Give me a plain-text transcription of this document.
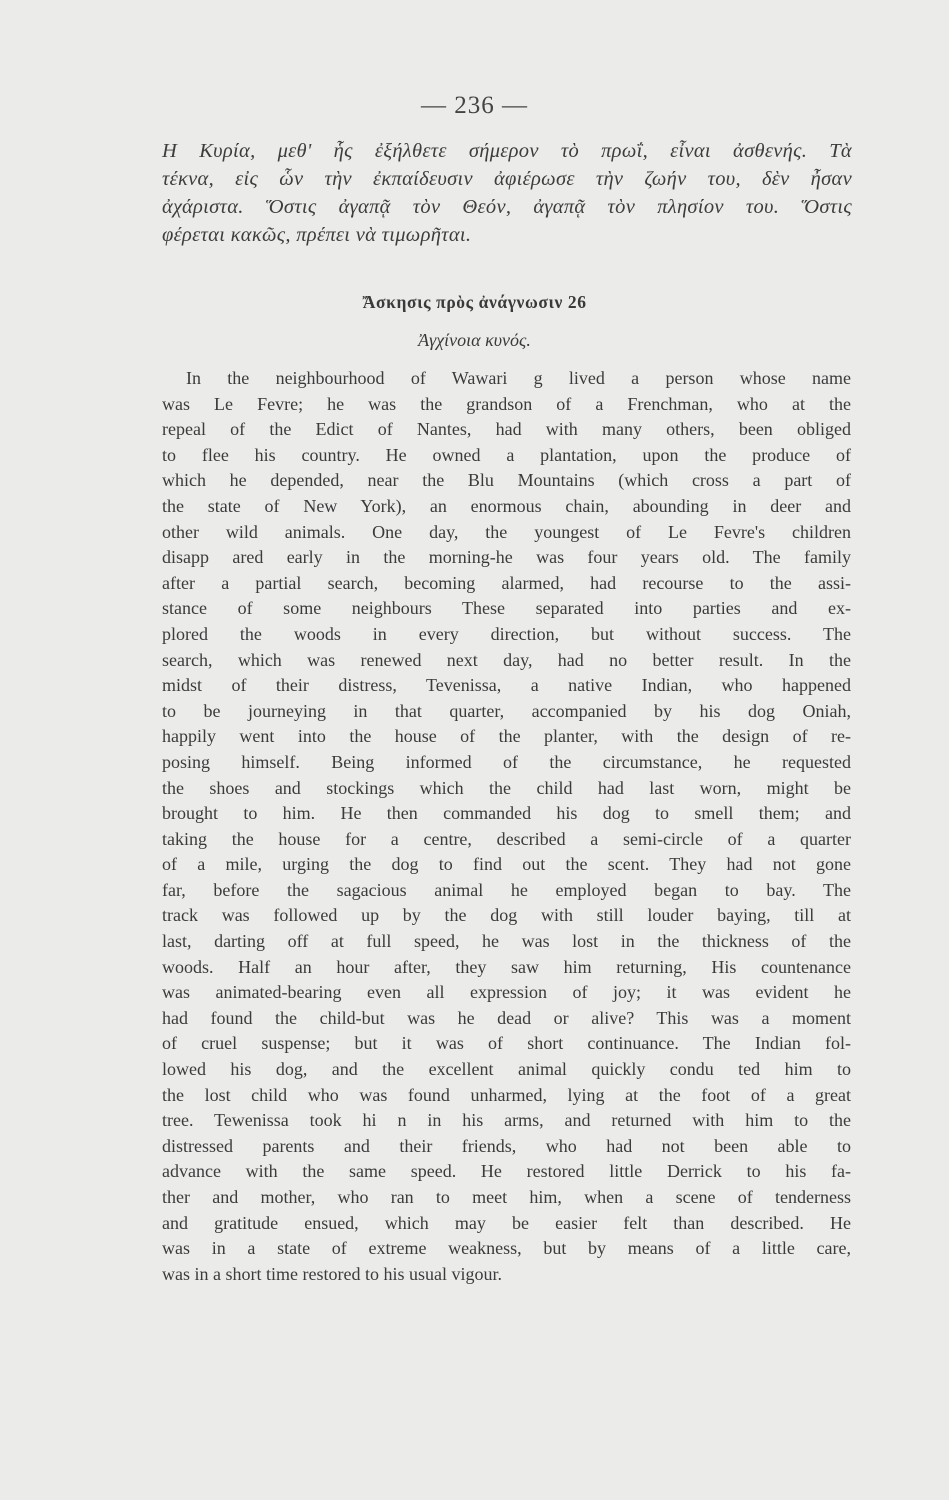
— 236 —
Η Κυρία, μεθ' ἧς ἐξήλθετε σήμερον τὸ πρωΐ, εἶναι ἀσθενής. Τὰ
τέκνα, εἰς ὧν τὴν ἐκπαίδευσιν ἀφιέρωσε τὴν ζωήν του, δὲν ἦσαν
ἀχάριστα. Ὅστις ἀγαπᾷ τὸν Θεόν, ἀγαπᾷ τὸν πλησίον του. Ὅστις
φέρεται κακῶς, πρέπει νὰ τιμωρῆται.
Ἄσκησις πρὸς ἀνάγνωσιν 26
Ἀγχίνοια κυνός.
In the neighbourhood of Wawari g lived a person whose name
was Le Fevre; he was the grandson of a Frenchman, who at the
repeal of the Edict of Nantes, had with many others, been obliged
to flee his country. He owned a plantation, upon the produce of
which he depended, near the Blu Mountains (which cross a part of
the state of New York), an enormous chain, abounding in deer and
other wild animals. One day, the youngest of Le Fevre's children
disapp ared early in the morning-he was four years old. The family
after a partial search, becoming alarmed, had recourse to the assi-
stance of some neighbours These separated into parties and ex-
plored the woods in every direction, but without success. The
search, which was renewed next day, had no better result. In the
midst of their distress, Tevenissa, a native Indian, who happened
to be journeying in that quarter, accompanied by his dog Oniah,
happily went into the house of the planter, with the design of re-
posing himself. Being informed of the circumstance, he requested
the shoes and stockings which the child had last worn, might be
brought to him. He then commanded his dog to smell them; and
taking the house for a centre, described a semi-circle of a quarter
of a mile, urging the dog to find out the scent. They had not gone
far, before the sagacious animal he employed began to bay. The
track was followed up by the dog with still louder baying, till at
last, darting off at full speed, he was lost in the thickness of the
woods. Half an hour after, they saw him returning, His countenance
was animated-bearing even all expression of joy; it was evident he
had found the child-but was he dead or alive? This was a moment
of cruel suspense; but it was of short continuance. The Indian fol-
lowed his dog, and the excellent animal quickly condu ted him to
the lost child who was found unharmed, lying at the foot of a great
tree. Tewenissa took hi n in his arms, and returned with him to the
distressed parents and their friends, who had not been able to
advance with the same speed. He restored little Derrick to his fa-
ther and mother, who ran to meet him, when a scene of tenderness
and gratitude ensued, which may be easier felt than described. He
was in a state of extreme weakness, but by means of a little care,
was in a short time restored to his usual vigour.
